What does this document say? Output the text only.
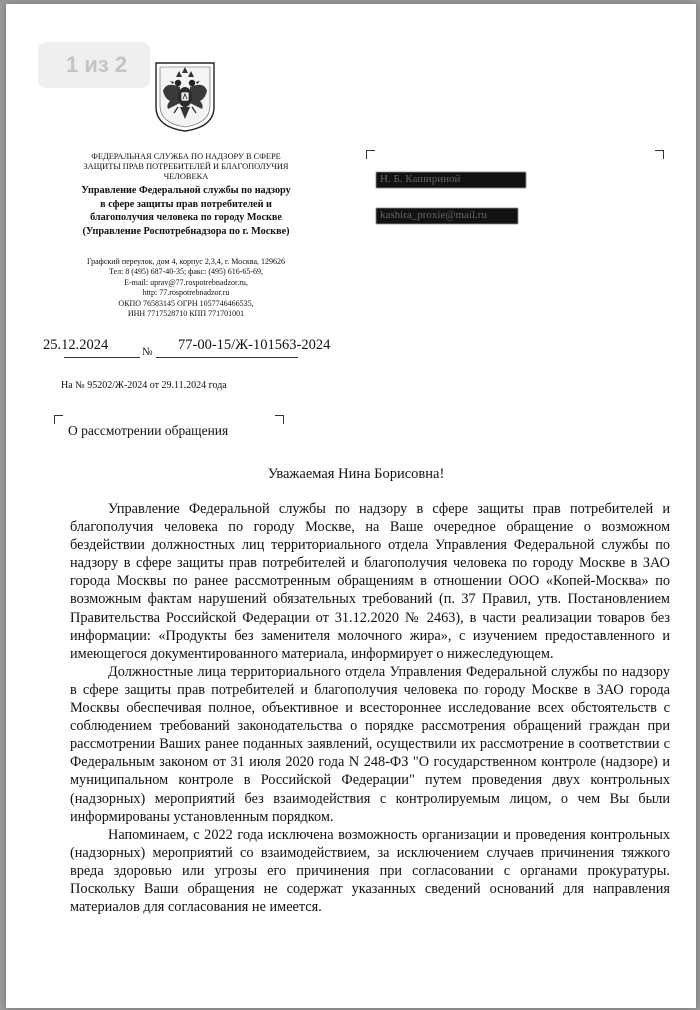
ФЕДЕРАЛЬНАЯ СЛУЖБА ПО НАДЗОРУ В СФЕРЕ
ЗАЩИТЫ ПРАВ ПОТРЕБИТЕЛЕЙ И БЛАГОПОЛУЧИЯ
ЧЕЛОВЕКА
Управление Федеральной службы по надзору
в сфере защиты прав потребителей и
благополучия человека по городу Москве
(Управление Роспотребнадзора по г. Москве)
Графский переулок, дом 4, корпус 2,3,4, г. Москва, 129626
Тел: 8 (495) 687-40-35; факс: (495) 616-65-69,
E-mail: uprav@77.rospotrebnadzor.ru,
http: 77.rospotrebnadzor.ru
ОКПО 76583145 ОГРН 1057746466535,
ИНН 7717528710 КПП 771701001
Н. Б. Кашириной
kashira_proxie@mail.ru
25.12.2024	№ 77-00-15/Ж-101563-2024
На № 95202/Ж-2024 от 29.11.2024 года
О рассмотрении обращения
Уважаемая Нина Борисовна!

Управление Федеральной службы по надзору в сфере защиты прав потребителей и благополучия человека по городу Москве, на Ваше очередное обращение о возможном бездействии должностных лиц территориального отдела Управления Федеральной службы по надзору в сфере защиты прав потребителей и благополучия человека по городу Москве в ЗАО города Москвы по ранее рассмотренным обращениям в отношении ООО «Копей-Москва» по возможным фактам нарушений обязательных требований (п. 37 Правил, утв. Постановлением Правительства Российской Федерации от 31.12.2020 № 2463), в части реализации товаров без информации: «Продукты без заменителя молочного жира», с изучением предоставленного и имеющегося документированного материала, информирует о нижеследующем.

Должностные лица территориального отдела Управления Федеральной службы по надзору в сфере защиты прав потребителей и благополучия человека по городу Москве в ЗАО города Москвы обеспечивая полное, объективное и всестороннее исследование всех обстоятельств с соблюдением требований законодательства о порядке рассмотрения обращений граждан при рассмотрении Ваших ранее поданных заявлений, осуществили их рассмотрение в соответствии с Федеральным законом от 31 июля 2020 года N 248-ФЗ "О государственном контроле (надзоре) и муниципальном контроле в Российской Федерации" путем проведения двух контрольных (надзорных) мероприятий без взаимодействия с контролируемым лицом, о чем Вы были информированы установленным порядком.

Напоминаем, с 2022 года исключена возможность организации и проведения контрольных (надзорных) мероприятий со взаимодействием, за исключением случаев причинения тяжкого вреда здоровью или угрозы его причинения при согласовании с органами прокуратуры. Поскольку Ваши обращения не содержат указанных сведений оснований для направления материалов для согласования не имеется.

1 из 2
